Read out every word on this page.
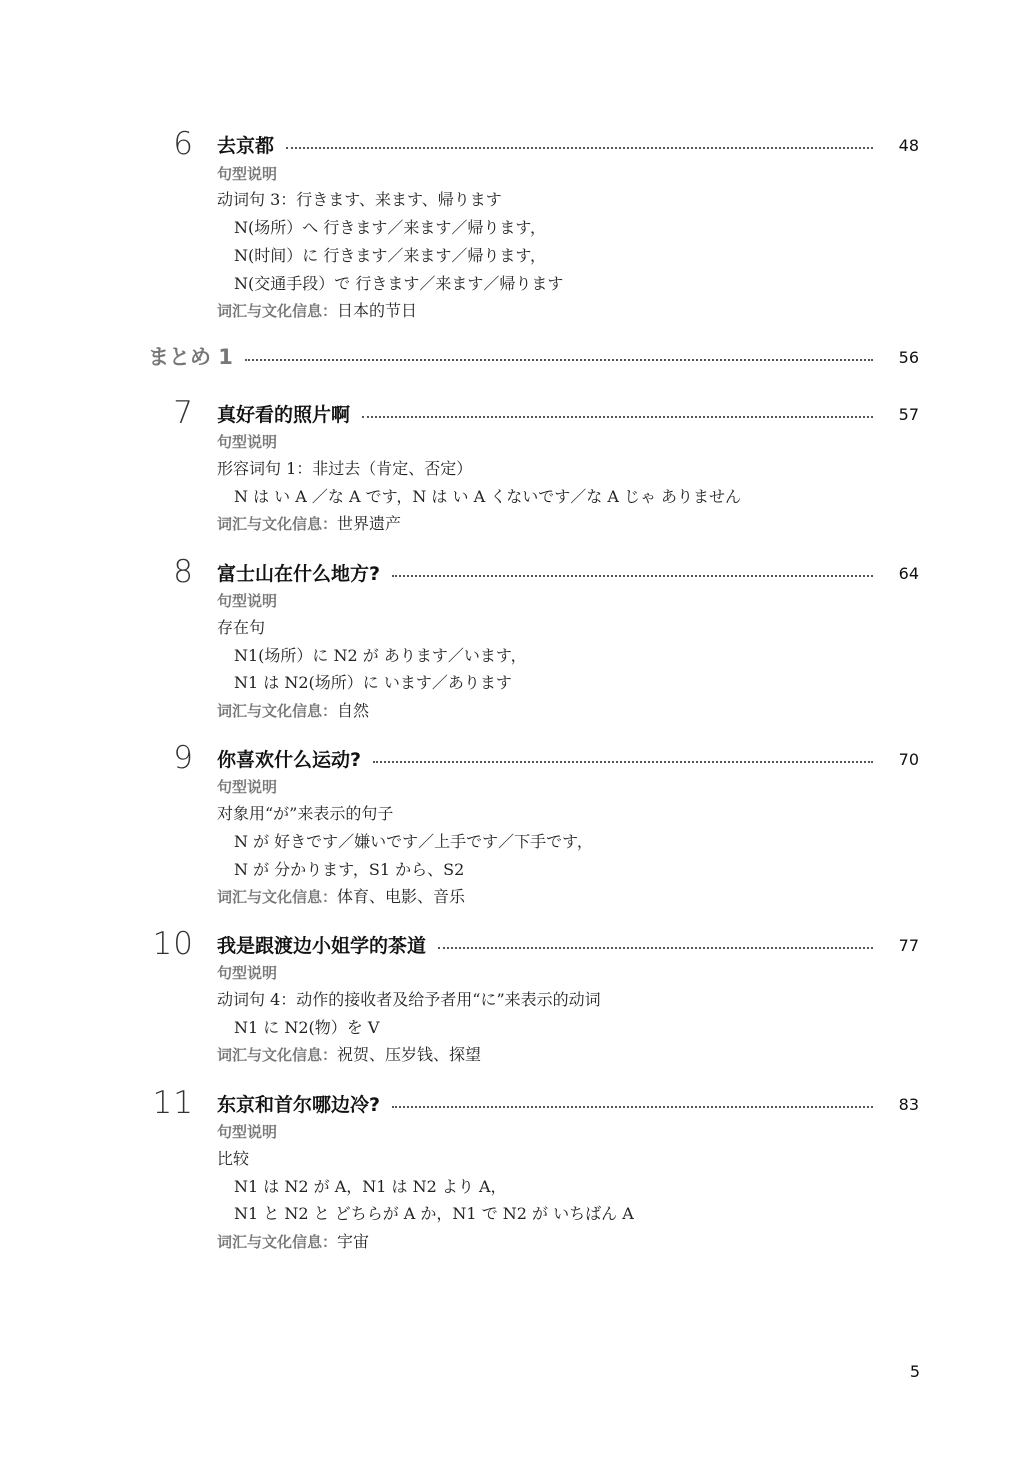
6 去京都	48
句型说明
动词句 3：行きます、来ます、帰ります
N(场所）へ 行きます／来ます／帰ります，
N(时间）に 行きます／来ます／帰ります，
N(交通手段）で 行きます／来ます／帰ります
词汇与文化信息：日本的节日
まとめ 1	56
7 真好看的照片啊	57
句型说明
形容词句 1：非过去（肯定、否定）
N は い A ／な A です，N は い A くないです／な A じゃ ありません
词汇与文化信息：世界遗产
8 富士山在什么地方?	64
句型说明
存在句
N1(场所）に N2 が あります／います，
N1 は N2(场所）に います／あります
词汇与文化信息：自然
9 你喜欢什么运动?	70
句型说明
对象用“が”来表示的句子
N が 好きです／嫌いです／上手です／下手です，
N が 分かります，S1 から、S2
词汇与文化信息：体育、电影、音乐
10 我是跟渡边小姐学的茶道	77
句型说明
动词句 4：动作的接收者及给予者用“に”来表示的动词
N1 に N2(物）を V
词汇与文化信息：祝贺、压岁钱、探望
11 东京和首尔哪边冷?	83
句型说明
比较
N1 は N2 が A，N1 は N2 より A，
N1 と N2 と どちらが A か，N1 で N2 が いちばん A
词汇与文化信息：宇宙
5
